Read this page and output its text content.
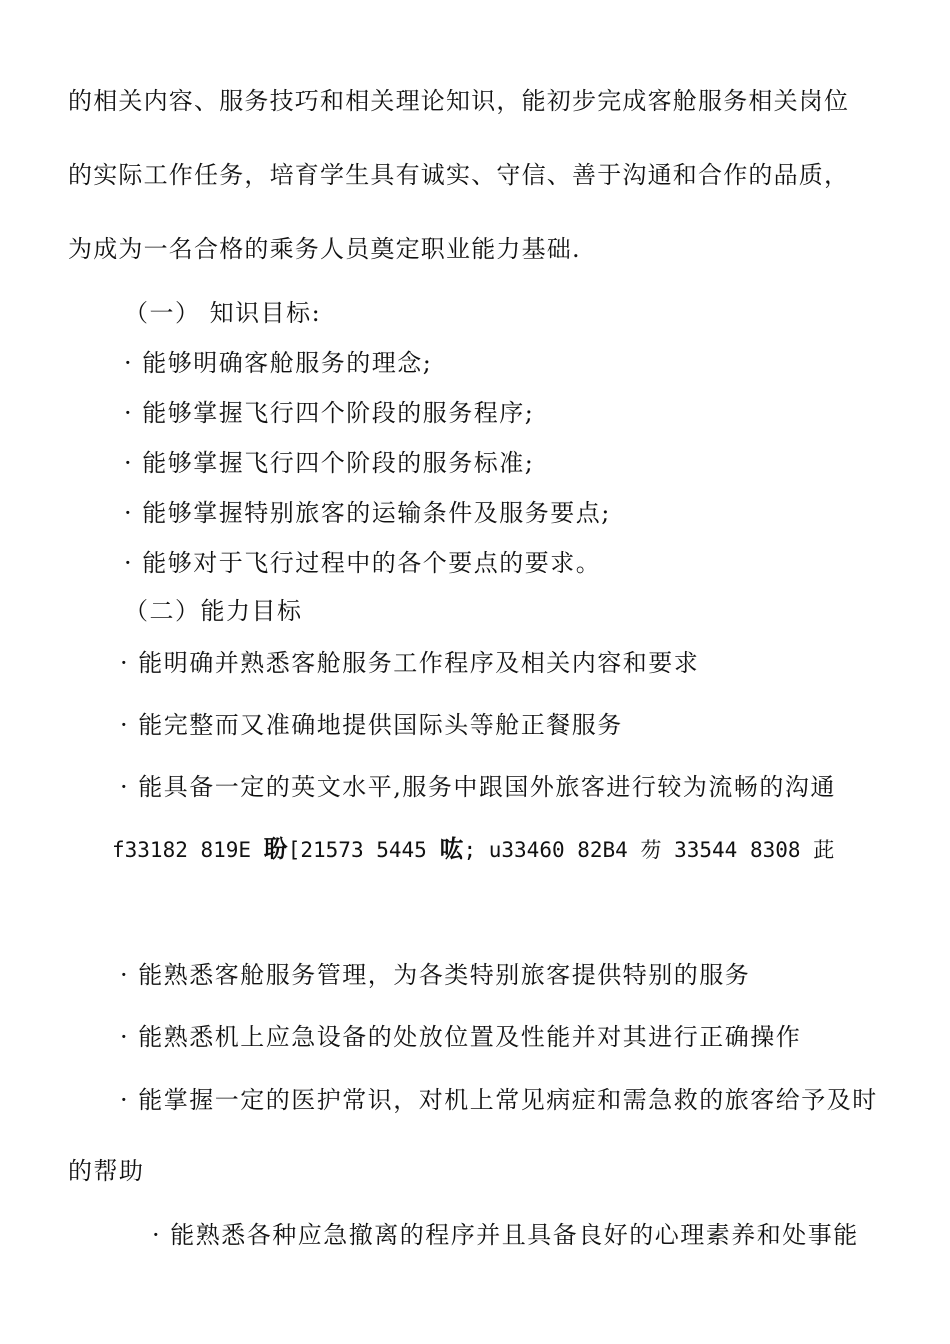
的相关内容、服务技巧和相关理论知识，能初步完成客舱服务相关岗位
的实际工作任务，培育学生具有诚实、守信、善于沟通和合作的品质，
为成为一名合格的乘务人员奠定职业能力基础.
（一） 知识目标:
· 能够明确客舱服务的理念;
· 能够掌握飞行四个阶段的服务程序;
· 能够掌握飞行四个阶段的服务标准;
· 能够掌握特别旅客的运输条件及服务要点;
· 能够对于飞行过程中的各个要点的要求。
（二）能力目标
· 能明确并熟悉客舱服务工作程序及相关内容和要求
· 能完整而又准确地提供国际头等舱正餐服务
· 能具备一定的英文水平,服务中跟国外旅客进行较为流畅的沟通
f33182 819E 聁[21573 5445 吰; u33460 82B4 芴 33544 8308 茈
· 能熟悉客舱服务管理，为各类特别旅客提供特别的服务
· 能熟悉机上应急设备的处放位置及性能并对其进行正确操作
· 能掌握一定的医护常识，对机上常见病症和需急救的旅客给予及时
的帮助
· 能熟悉各种应急撤离的程序并且具备良好的心理素养和处事能
